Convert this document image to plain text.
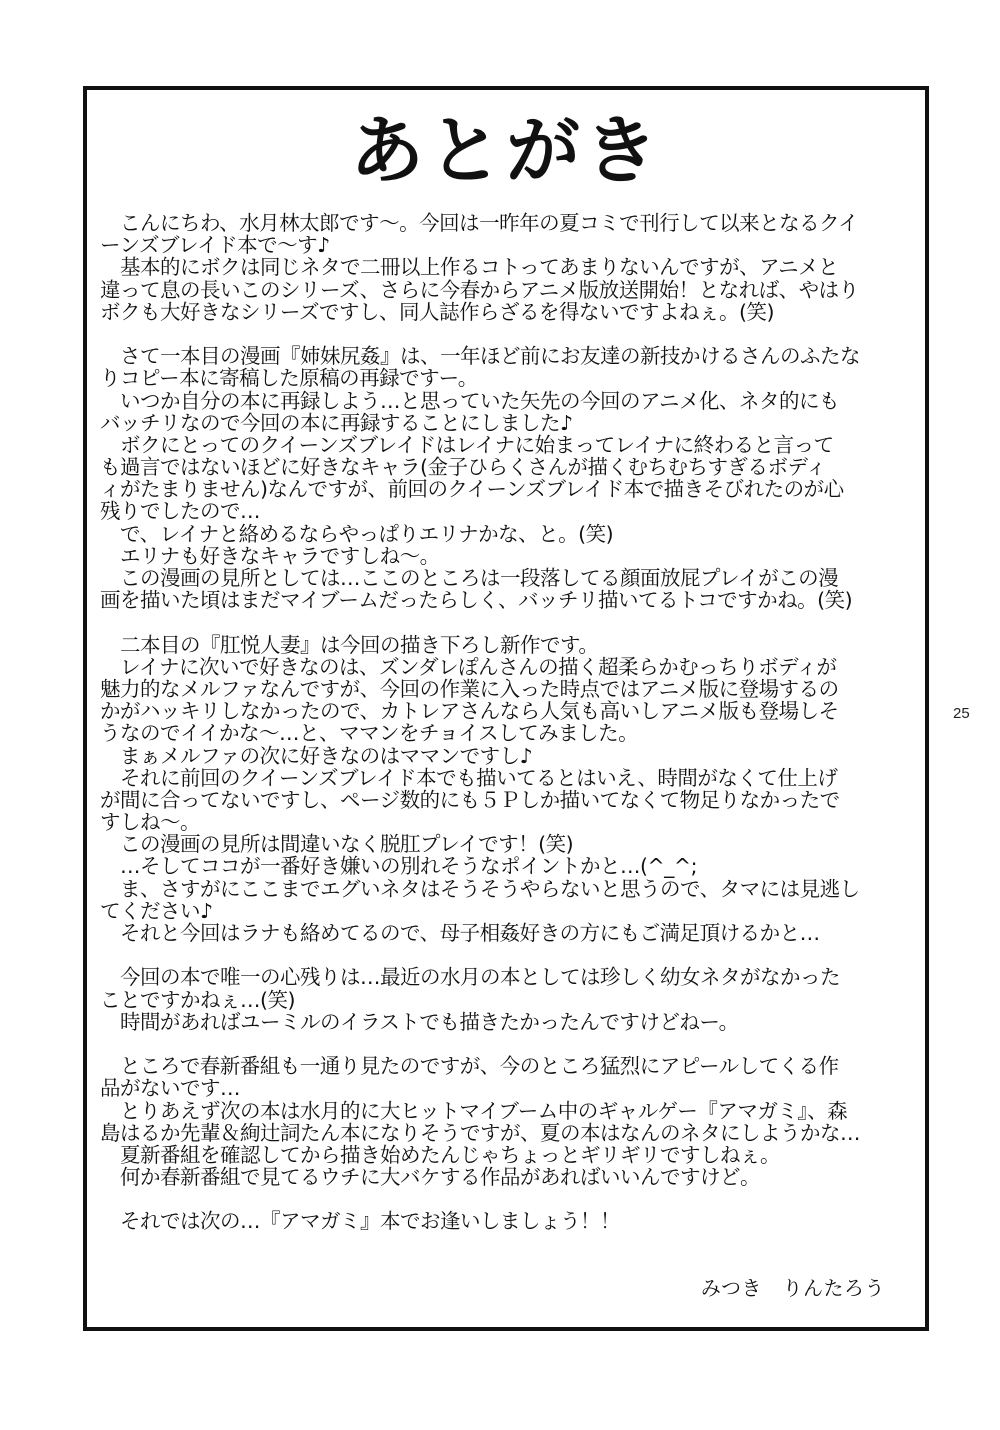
あとがき
　こんにちわ、水月林太郎です～。今回は一昨年の夏コミで刊行して以来となるクイ
ーンズブレイド本で～す♪
　基本的にボクは同じネタで二冊以上作るコトってあまりないんですが、アニメと
違って息の長いこのシリーズ、さらに今春からアニメ版放送開始！となれば、やはり
ボクも大好きなシリーズですし、同人誌作らざるを得ないですよねぇ。(笑)
　さて一本目の漫画『姉妹尻姦』は、一年ほど前にお友達の新技かけるさんのふたな
りコピー本に寄稿した原稿の再録ですー。
　いつか自分の本に再録しよう…と思っていた矢先の今回のアニメ化、ネタ的にも
バッチリなので今回の本に再録することにしました♪
　ボクにとってのクイーンズブレイドはレイナに始まってレイナに終わると言って
も過言ではないほどに好きなキャラ(金子ひらくさんが描くむちむちすぎるボディ
ィがたまりません)なんですが、前回のクイーンズブレイド本で描きそびれたのが心
残りでしたので…
　で、レイナと絡めるならやっぱりエリナかな、と。(笑)
　エリナも好きなキャラですしね～。
　この漫画の見所としては…ここのところは一段落してる顔面放屁プレイがこの漫
画を描いた頃はまだマイブームだったらしく、バッチリ描いてるトコですかね。(笑)
　二本目の『肛悦人妻』は今回の描き下ろし新作です。
　レイナに次いで好きなのは、ズンダレぽんさんの描く超柔らかむっちりボディが
魅力的なメルファなんですが、今回の作業に入った時点ではアニメ版に登場するの
かがハッキリしなかったので、カトレアさんなら人気も高いしアニメ版も登場しそ
うなのでイイかな～…と、ママンをチョイスしてみました。
　まぁメルファの次に好きなのはママンですし♪
　それに前回のクイーンズブレイド本でも描いてるとはいえ、時間がなくて仕上げ
が間に合ってないですし、ページ数的にも５Ｐしか描いてなくて物足りなかったで
すしね～。
　この漫画の見所は間違いなく脱肛プレイです！(笑)
　…そしてココが一番好き嫌いの別れそうなポイントかと…(^_^;
　ま、さすがにここまでエグいネタはそうそうやらないと思うので、タマには見逃し
てください♪
　それと今回はラナも絡めてるので、母子相姦好きの方にもご満足頂けるかと…
　今回の本で唯一の心残りは…最近の水月の本としては珍しく幼女ネタがなかった
ことですかねぇ…(笑)
　時間があればユーミルのイラストでも描きたかったんですけどねー。
　ところで春新番組も一通り見たのですが、今のところ猛烈にアピールしてくる作
品がないです…
　とりあえず次の本は水月的に大ヒットマイブーム中のギャルゲー『アマガミ』、森
島はるか先輩＆絢辻詞たん本になりそうですが、夏の本はなんのネタにしようかな…
　夏新番組を確認してから描き始めたんじゃちょっとギリギリですしねぇ。
　何か春新番組で見てるウチに大バケする作品があればいいんですけど。
　それでは次の…『アマガミ』本でお逢いしましょう！！
みつき　りんたろう
25
